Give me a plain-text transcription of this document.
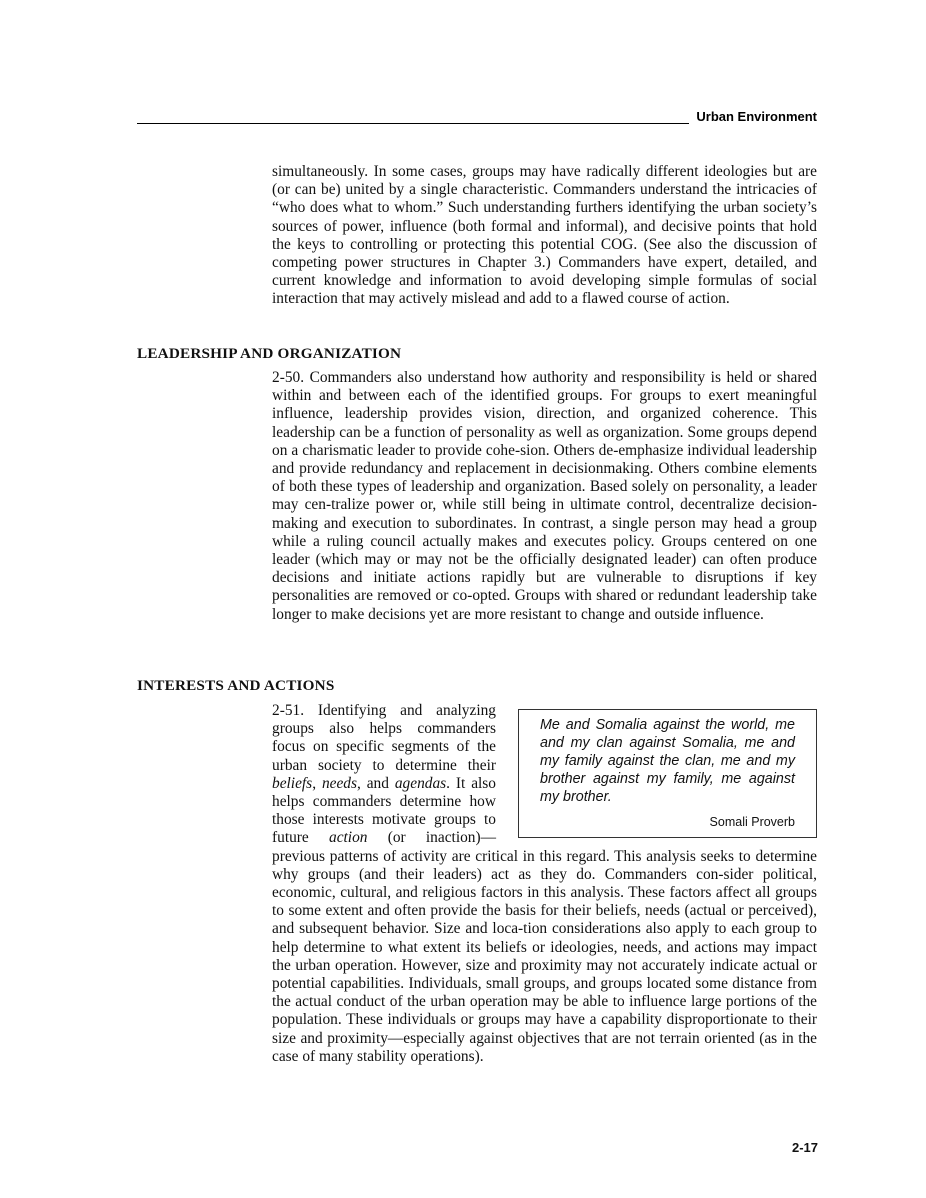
Urban Environment

simultaneously. In some cases, groups may have radically different ideologies but are (or can be) united by a single characteristic. Commanders understand the intricacies of “who does what to whom.” Such understanding furthers identifying the urban society’s sources of power, influence (both formal and informal), and decisive points that hold the keys to controlling or protecting this potential COG. (See also the discussion of competing power structures in Chapter 3.) Commanders have expert, detailed, and current knowledge and information to avoid developing simple formulas of social interaction that may actively mislead and add to a flawed course of action.

LEADERSHIP AND ORGANIZATION

2-50. Commanders also understand how authority and responsibility is held or shared within and between each of the identified groups. For groups to exert meaningful influence, leadership provides vision, direction, and organized coherence. This leadership can be a function of personality as well as organization. Some groups depend on a charismatic leader to provide cohe-sion. Others de-emphasize individual leadership and provide redundancy and replacement in decisionmaking. Others combine elements of both these types of leadership and organization. Based solely on personality, a leader may cen-tralize power or, while still being in ultimate control, decentralize decision-making and execution to subordinates. In contrast, a single person may head a group while a ruling council actually makes and executes policy. Groups centered on one leader (which may or may not be the officially designated leader) can often produce decisions and initiate actions rapidly but are vulnerable to disruptions if key personalities are removed or co-opted. Groups with shared or redundant leadership take longer to make decisions yet are more resistant to change and outside influence.

INTERESTS AND ACTIONS
Me and Somalia against the world, me and my clan against Somalia, me and my family against the clan, me and my brother against my family, me against my brother.
Somali Proverb
2-51. Identifying and analyzing groups also helps commanders focus on specific segments of the urban society to determine their beliefs, needs, and agendas. It also helps commanders determine how those interests motivate groups to future action (or inaction)—previous patterns of activity are critical in this regard. This analysis seeks to determine why groups (and their leaders) act as they do. Commanders con-sider political, economic, cultural, and religious factors in this analysis. These factors affect all groups to some extent and often provide the basis for their beliefs, needs (actual or perceived), and subsequent behavior. Size and loca-tion considerations also apply to each group to help determine to what extent its beliefs or ideologies, needs, and actions may impact the urban operation. However, size and proximity may not accurately indicate actual or potential capabilities. Individuals, small groups, and groups located some distance from the actual conduct of the urban operation may be able to influence large portions of the population. These individuals or groups may have a capability disproportionate to their size and proximity—especially against objectives that are not terrain oriented (as in the case of many stability operations).
2-17
